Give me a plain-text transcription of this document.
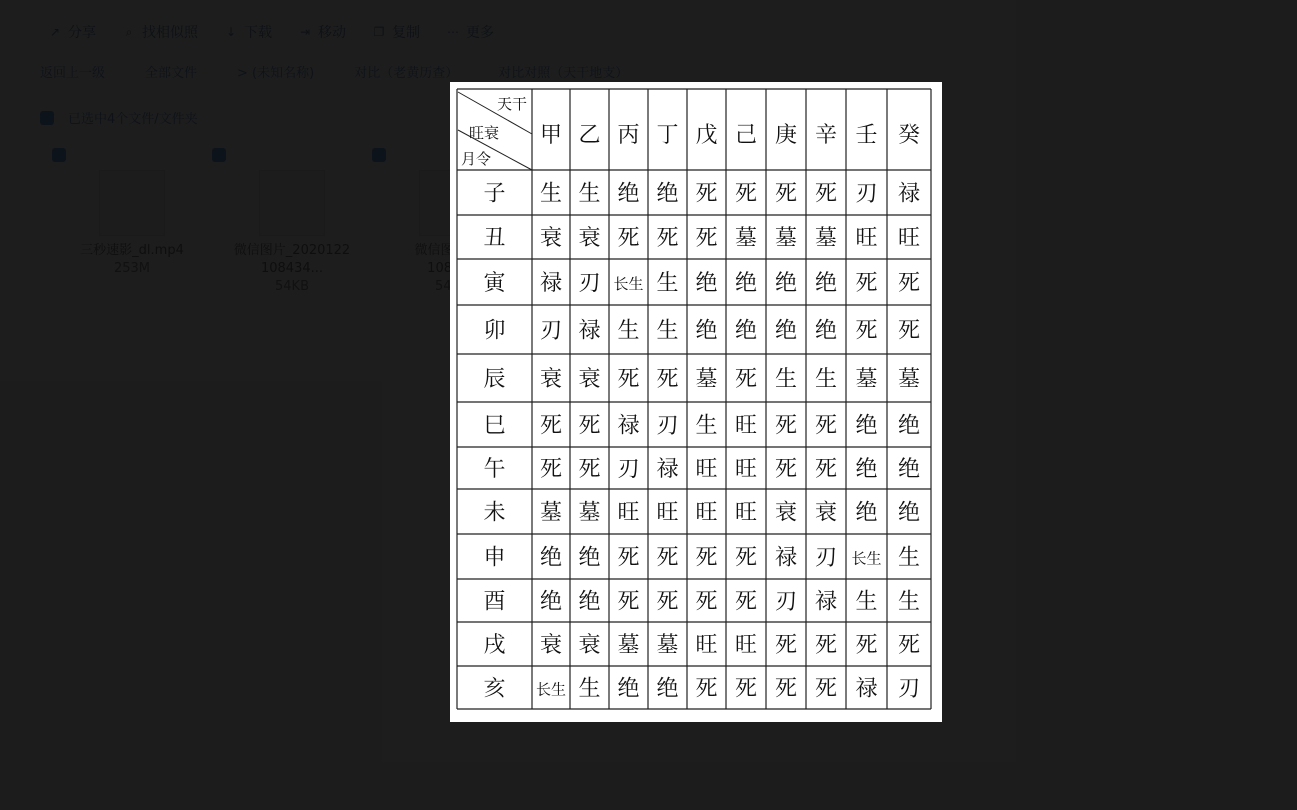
天干
旺衰
月令
甲 乙 丙 丁 戊 己 庚 辛 壬 癸
子 生 生 绝 绝 死 死 死 死 刃 禄
丑 衰 衰 死 死 死 墓 墓 墓 旺 旺
寅 禄 刃 长生 生 绝 绝 绝 绝 死 死
卯 刃 禄 生 生 绝 绝 绝 绝 死 死
辰 衰 衰 死 死 墓 死 生 生 墓 墓
巳 死 死 禄 刃 生 旺 死 死 绝 绝
午 死 死 刃 禄 旺 旺 死 死 绝 绝
未 墓 墓 旺 旺 旺 旺 衰 衰 绝 绝
申 绝 绝 死 死 死 死 禄 刃 长生 生
酉 绝 绝 死 死 死 死 刃 禄 生 生
戌 衰 衰 墓 墓 旺 旺 死 死 死 死
亥 长生 生 绝 绝 死 死 死 死 禄 刃
